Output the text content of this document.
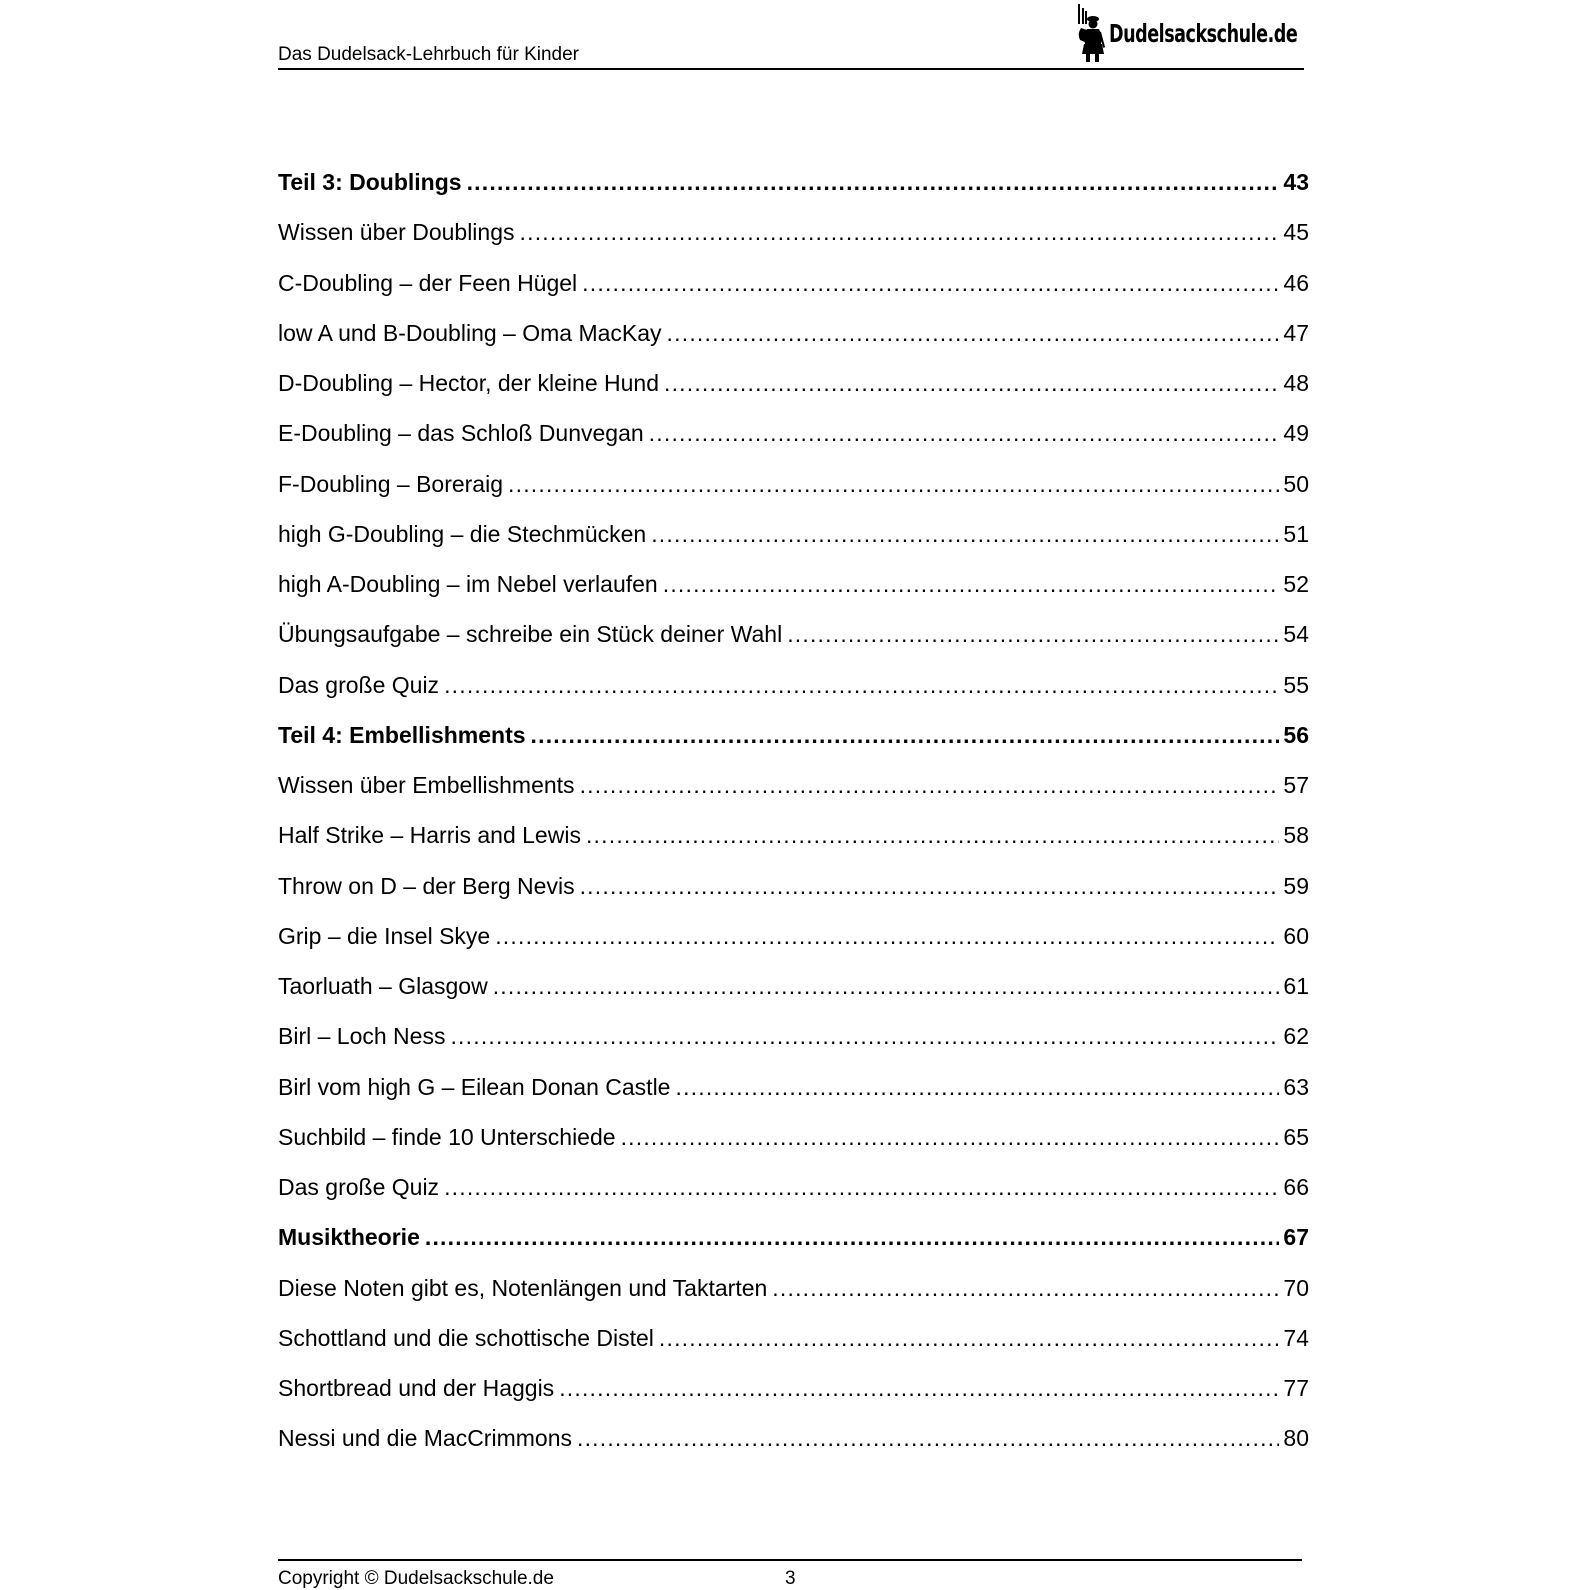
Das Dudelsack-Lehrbuch für Kinder
Dudelsackschule.de
Teil 3: Doublings .....	43
Wissen über Doublings .....	45
C-Doubling – der Feen Hügel .....	46
low A und B-Doubling – Oma MacKay .....	47
D-Doubling – Hector, der kleine Hund .....	48
E-Doubling – das Schloß Dunvegan .....	49
F-Doubling – Boreraig .....	50
high G-Doubling – die Stechmücken .....	51
high A-Doubling – im Nebel verlaufen .....	52
Übungsaufgabe – schreibe ein Stück deiner Wahl .....	54
Das große Quiz .....	55
Teil 4: Embellishments .....	56
Wissen über Embellishments .....	57
Half Strike – Harris and Lewis .....	58
Throw on D – der Berg Nevis .....	59
Grip – die Insel Skye .....	60
Taorluath – Glasgow .....	61
Birl – Loch Ness .....	62
Birl vom high G – Eilean Donan Castle .....	63
Suchbild – finde 10 Unterschiede .....	65
Das große Quiz .....	66
Musiktheorie .....	67
Diese Noten gibt es, Notenlängen und Taktarten .....	70
Schottland und die schottische Distel .....	74
Shortbread und der Haggis .....	77
Nessi und die MacCrimmons .....	80
Copyright © Dudelsackschule.de	3
